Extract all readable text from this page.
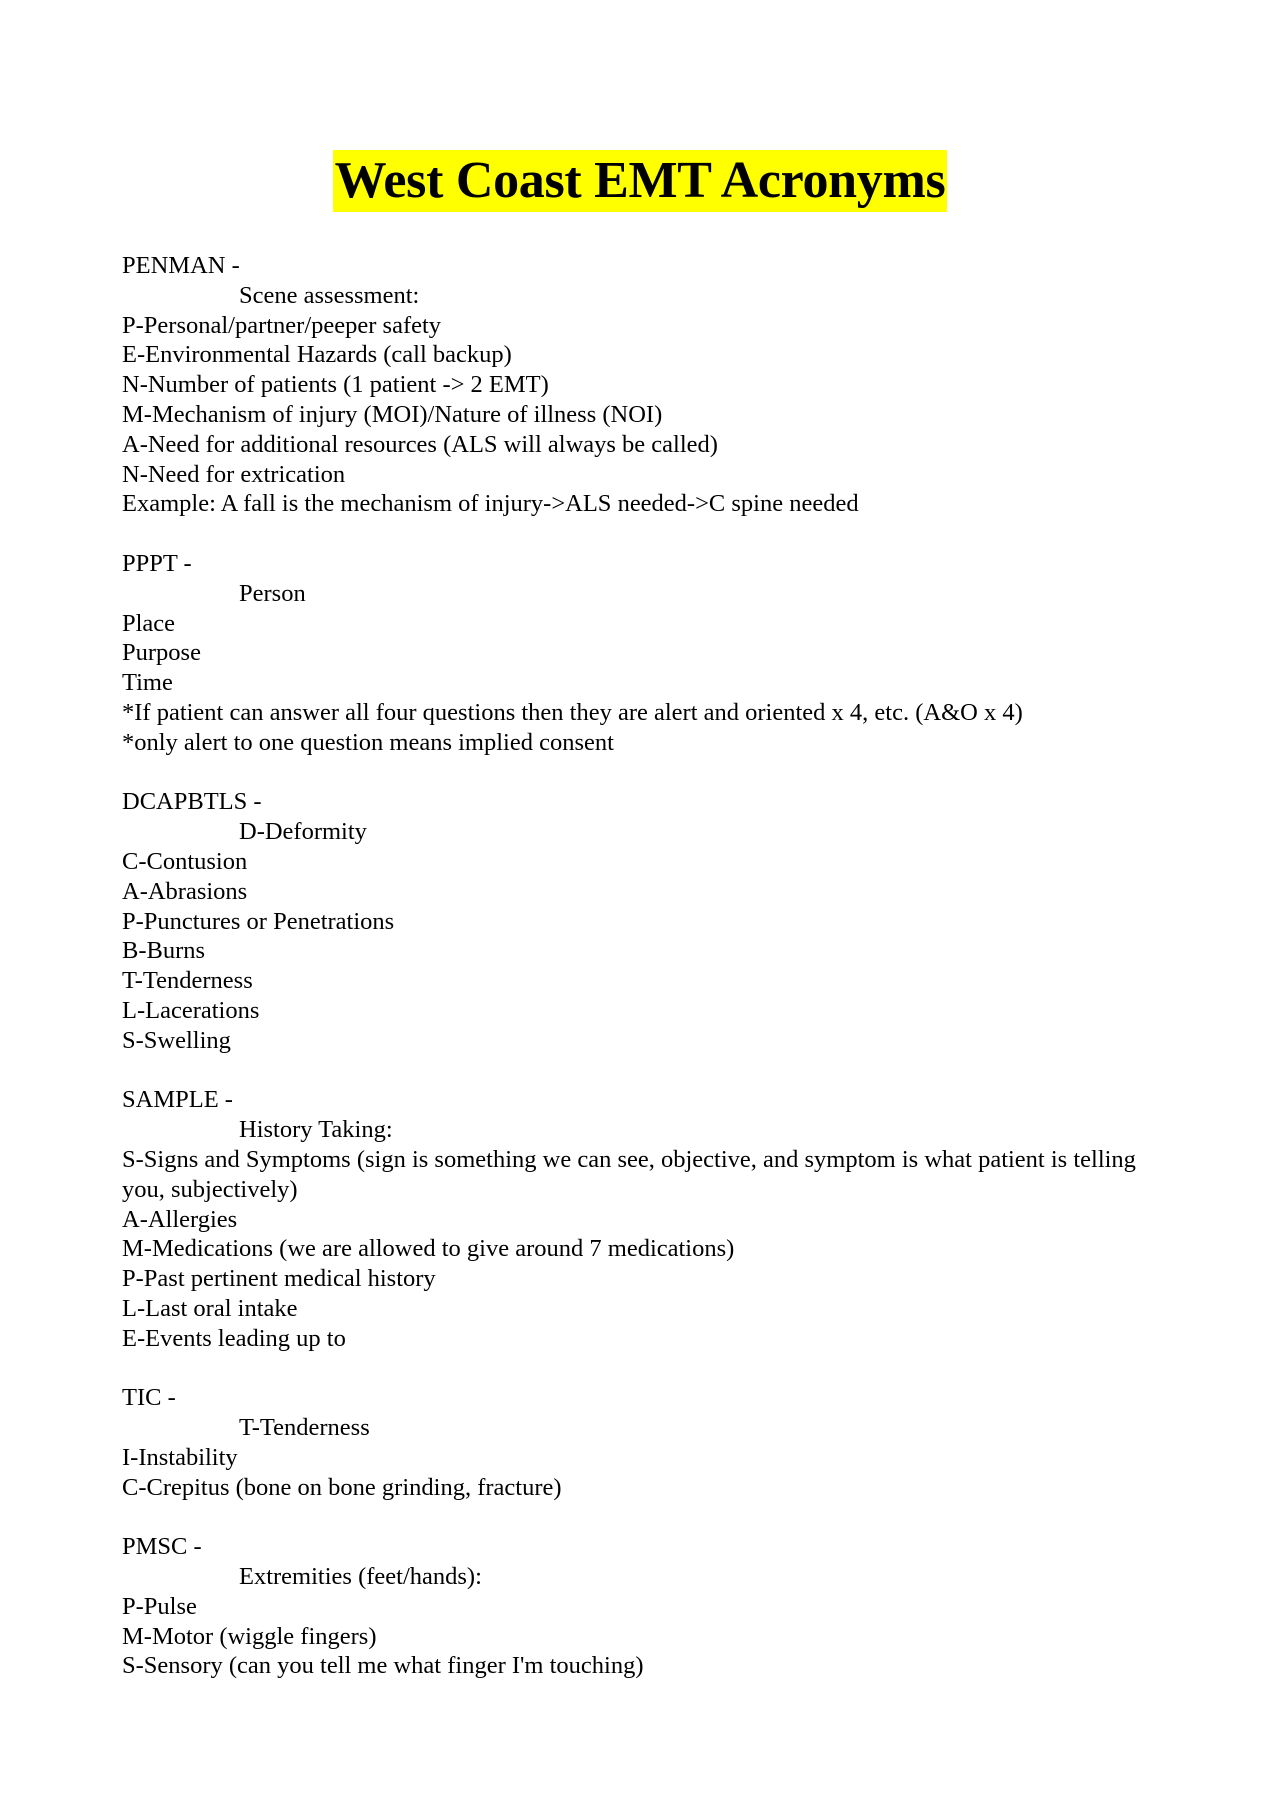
West Coast EMT Acronyms
PENMAN -
Scene assessment:
P-Personal/partner/peeper safety
E-Environmental Hazards (call backup)
N-Number of patients (1 patient -> 2 EMT)
M-Mechanism of injury (MOI)/Nature of illness (NOI)
A-Need for additional resources (ALS will always be called)
N-Need for extrication
Example: A fall is the mechanism of injury->ALS needed->C spine needed
PPPT -
Person
Place
Purpose
Time
*If patient can answer all four questions then they are alert and oriented x 4, etc. (A&O x 4)
*only alert to one question means implied consent
DCAPBTLS -
D-Deformity
C-Contusion
A-Abrasions
P-Punctures or Penetrations
B-Burns
T-Tenderness
L-Lacerations
S-Swelling
SAMPLE -
History Taking:
S-Signs and Symptoms (sign is something we can see, objective, and symptom is what patient is telling you, subjectively)
A-Allergies
M-Medications (we are allowed to give around 7 medications)
P-Past pertinent medical history
L-Last oral intake
E-Events leading up to
TIC -
T-Tenderness
I-Instability
C-Crepitus (bone on bone grinding, fracture)
PMSC -
Extremities (feet/hands):
P-Pulse
M-Motor (wiggle fingers)
S-Sensory (can you tell me what finger I'm touching)
